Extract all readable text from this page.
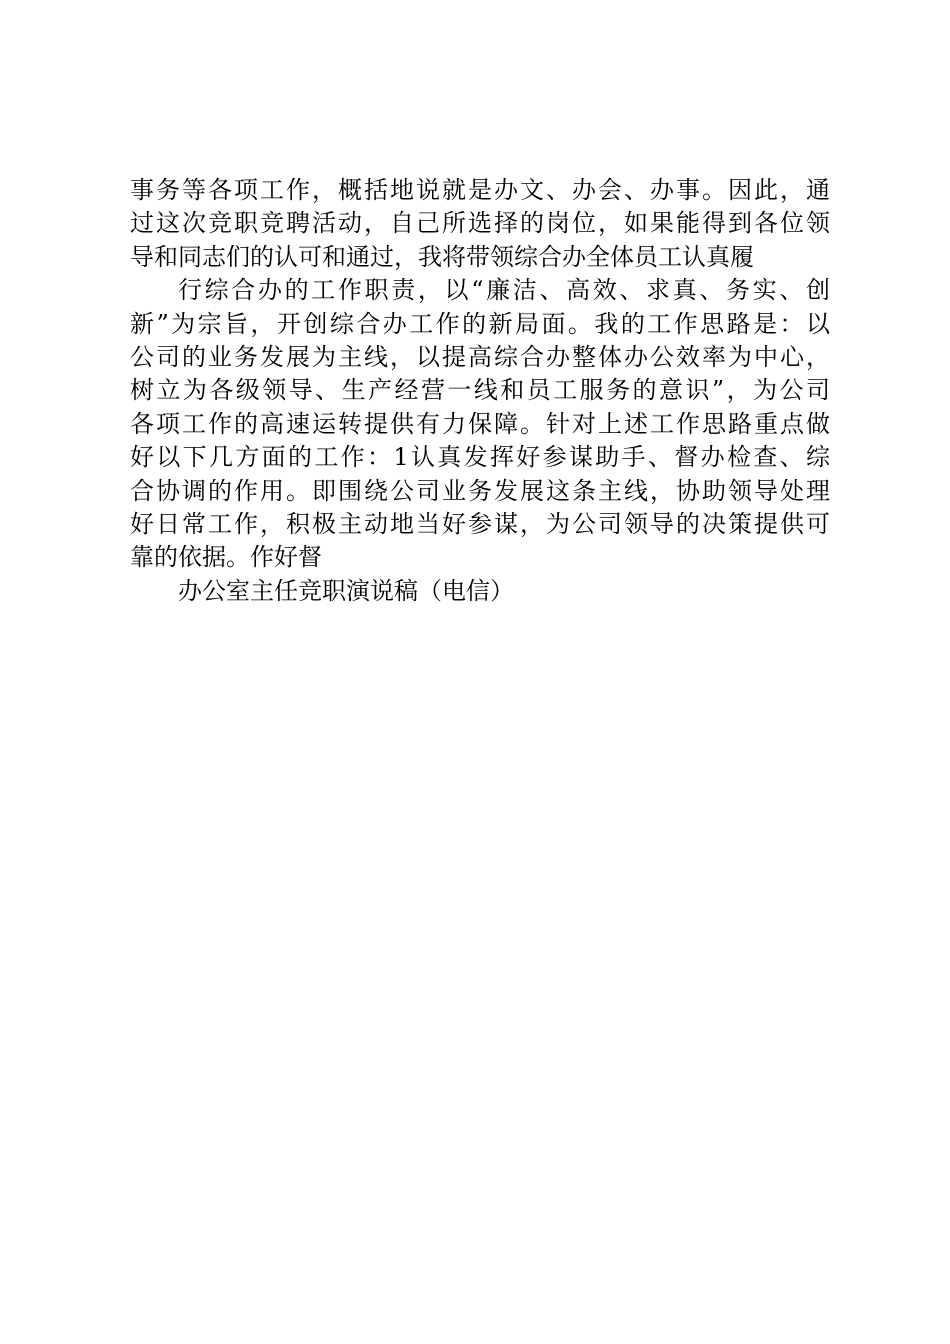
事务等各项工作，概括地说就是办文、办会、办事。因此，通
过这次竞职竞聘活动，自己所选择的岗位，如果能得到各位领
导和同志们的认可和通过，我将带领综合办全体员工认真履
行综合办的工作职责，以“廉洁、高效、求真、务实、创
新”为宗旨，开创综合办工作的新局面。我的工作思路是：以
公司的业务发展为主线，以提高综合办整体办公效率为中心，
树立为各级领导、生产经营一线和员工服务的意识”，为公司
各项工作的高速运转提供有力保障。针对上述工作思路重点做
好以下几方面的工作：1认真发挥好参谋助手、督办检查、综
合协调的作用。即围绕公司业务发展这条主线，协助领导处理
好日常工作，积极主动地当好参谋，为公司领导的决策提供可
靠的依据。作好督
办公室主任竞职演说稿（电信）
